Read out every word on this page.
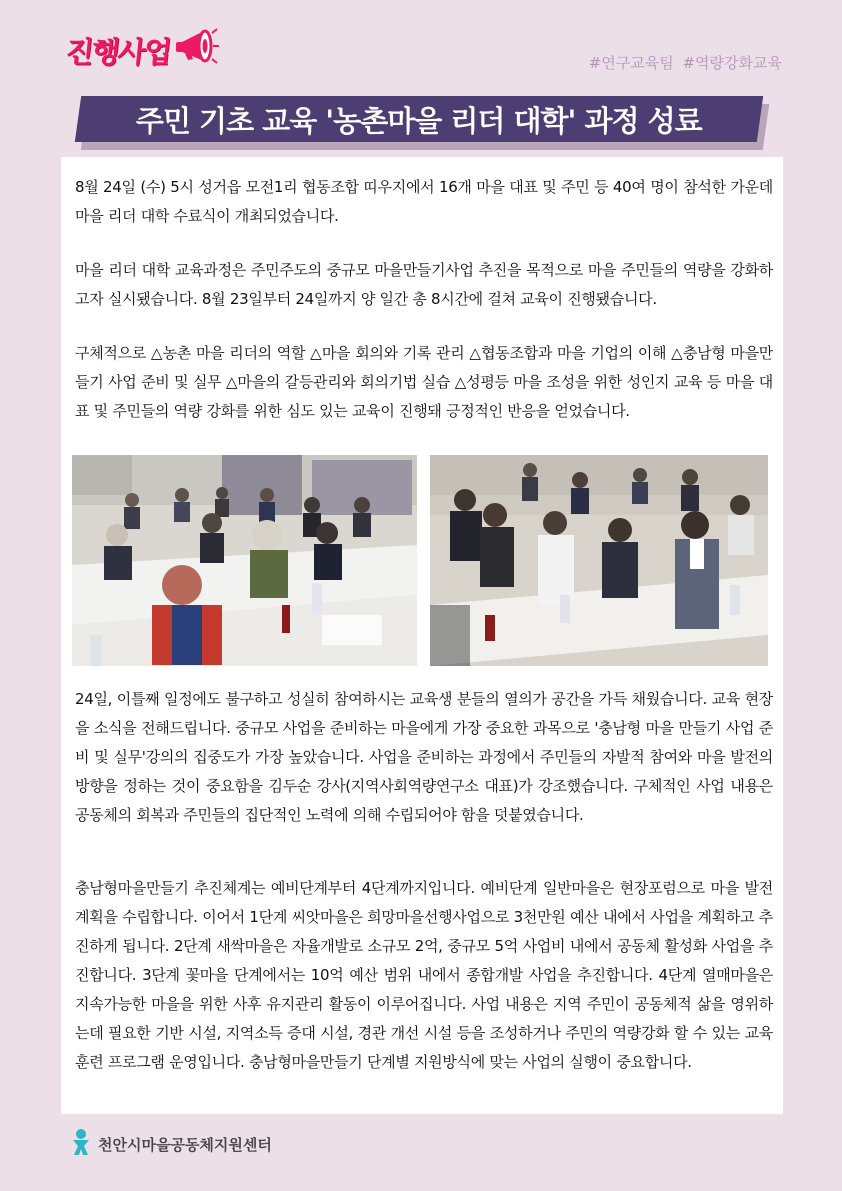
진행사업	#연구교육팀 #역량강화교육
주민 기초 교육 '농촌마을 리더 대학' 과정 성료

8월 24일 (수) 5시 성거읍 모전1리 협동조합 띠우지에서 16개 마을 대표 및 주민 등 40여 명이 참석한 가운데 마을 리더 대학 수료식이 개최되었습니다.

마을 리더 대학 교육과정은 주민주도의 중규모 마을만들기사업 추진을 목적으로 마을 주민들의 역량을 강화하고자 실시됐습니다. 8월 23일부터 24일까지 양 일간 총 8시간에 걸쳐 교육이 진행됐습니다.

구체적으로 △농촌 마을 리더의 역할 △마을 회의와 기록 관리 △협동조합과 마을 기업의 이해 △충남형 마을만들기 사업 준비 및 실무 △마을의 갈등관리와 회의기법 실습 △성평등 마을 조성을 위한 성인지 교육 등 마을 대표 및 주민들의 역량 강화를 위한 심도 있는 교육이 진행돼 긍정적인 반응을 얻었습니다.

24일, 이틀째 일정에도 불구하고 성실히 참여하시는 교육생 분들의 열의가 공간을 가득 채웠습니다. 교육 현장을 소식을 전해드립니다. 중규모 사업을 준비하는 마을에게 가장 중요한 과목으로 '충남형 마을 만들기 사업 준비 및 실무'강의의 집중도가 가장 높았습니다. 사업을 준비하는 과정에서 주민들의 자발적 참여와 마을 발전의 방향을 정하는 것이 중요함을 김두순 강사(지역사회역량연구소 대표)가 강조했습니다. 구체적인 사업 내용은 공동체의 회복과 주민들의 집단적인 노력에 의해 수립되어야 함을 덧붙였습니다.

충남형마을만들기 추진체계는 예비단계부터 4단계까지입니다. 예비단계 일반마을은 현장포럼으로 마을 발전계획을 수립합니다. 이어서 1단계 씨앗마을은 희망마을선행사업으로 3천만원 예산 내에서 사업을 계획하고 추진하게 됩니다. 2단계 새싹마을은 자율개발로 소규모 2억, 중규모 5억 사업비 내에서 공동체 활성화 사업을 추진합니다. 3단계 꽃마을 단계에서는 10억 예산 범위 내에서 종합개발 사업을 추진합니다. 4단계 열매마을은 지속가능한 마을을 위한 사후 유지관리 활동이 이루어집니다. 사업 내용은 지역 주민이 공동체적 삶을 영위하는데 필요한 기반 시설, 지역소득 증대 시설, 경관 개선 시설 등을 조성하거나 주민의 역량강화 할 수 있는 교육훈련 프로그램 운영입니다. 충남형마을만들기 단계별 지원방식에 맞는 사업의 실행이 중요합니다.

천안시마을공동체지원센터
